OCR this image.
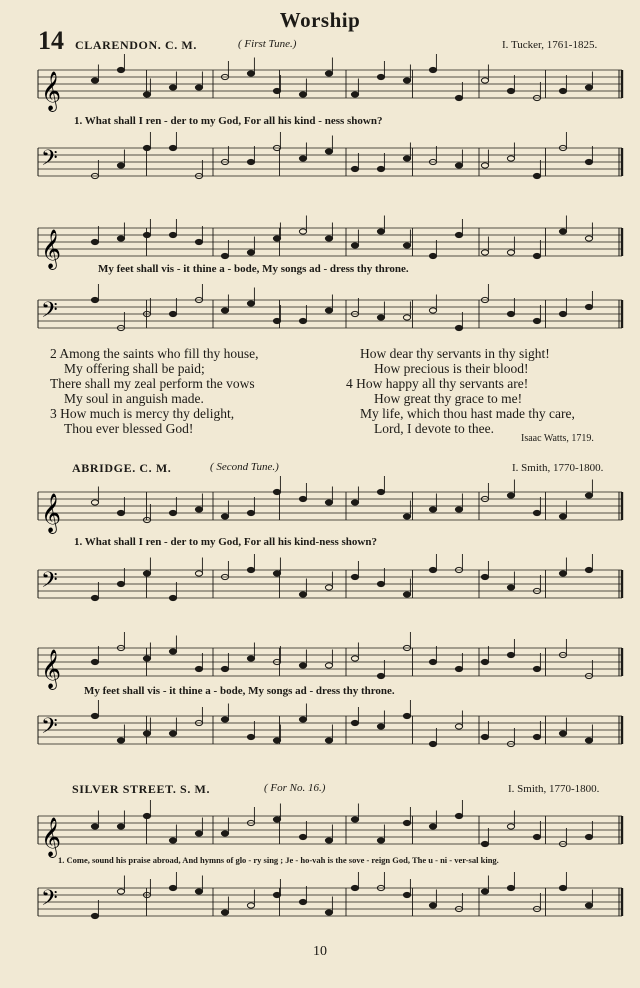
Worship
14 CLARENDON. C. M.	( First Tune.)	I. Tucker, 1761-1825.
𝄞
1. What shall I ren - der to my God, For all his kind - ness shown?
𝄢
𝄞	My feet shall vis - it thine a - bode, My songs ad - dress thy throne.
𝄢
2 Among the saints who fill thy house,
My offering shall be paid;
There shall my zeal perform the vows
My soul in anguish made.
3 How much is mercy thy delight,
Thou ever blessed God!
How dear thy servants in thy sight!
How precious is their blood!
4 How happy all thy servants are!
How great thy grace to me!
My life, which thou hast made thy care,
Lord, I devote to thee.
Isaac Watts, 1719.
ABRIDGE. C. M.	( Second Tune.)	I. Smith, 1770-1800.
𝄞
1. What shall I ren - der to my God, For all his kind-ness shown?
𝄢
𝄞
My feet shall vis - it thine a - bode, My songs ad - dress thy throne.
𝄢
SILVER STREET. S. M.	( For No. 16.)	I. Smith, 1770-1800.
𝄞
1. Come, sound his praise abroad, And hymns of glo - ry sing ; Je - ho-vah is the sove - reign God, The u - ni - ver-sal king.
𝄢
10
